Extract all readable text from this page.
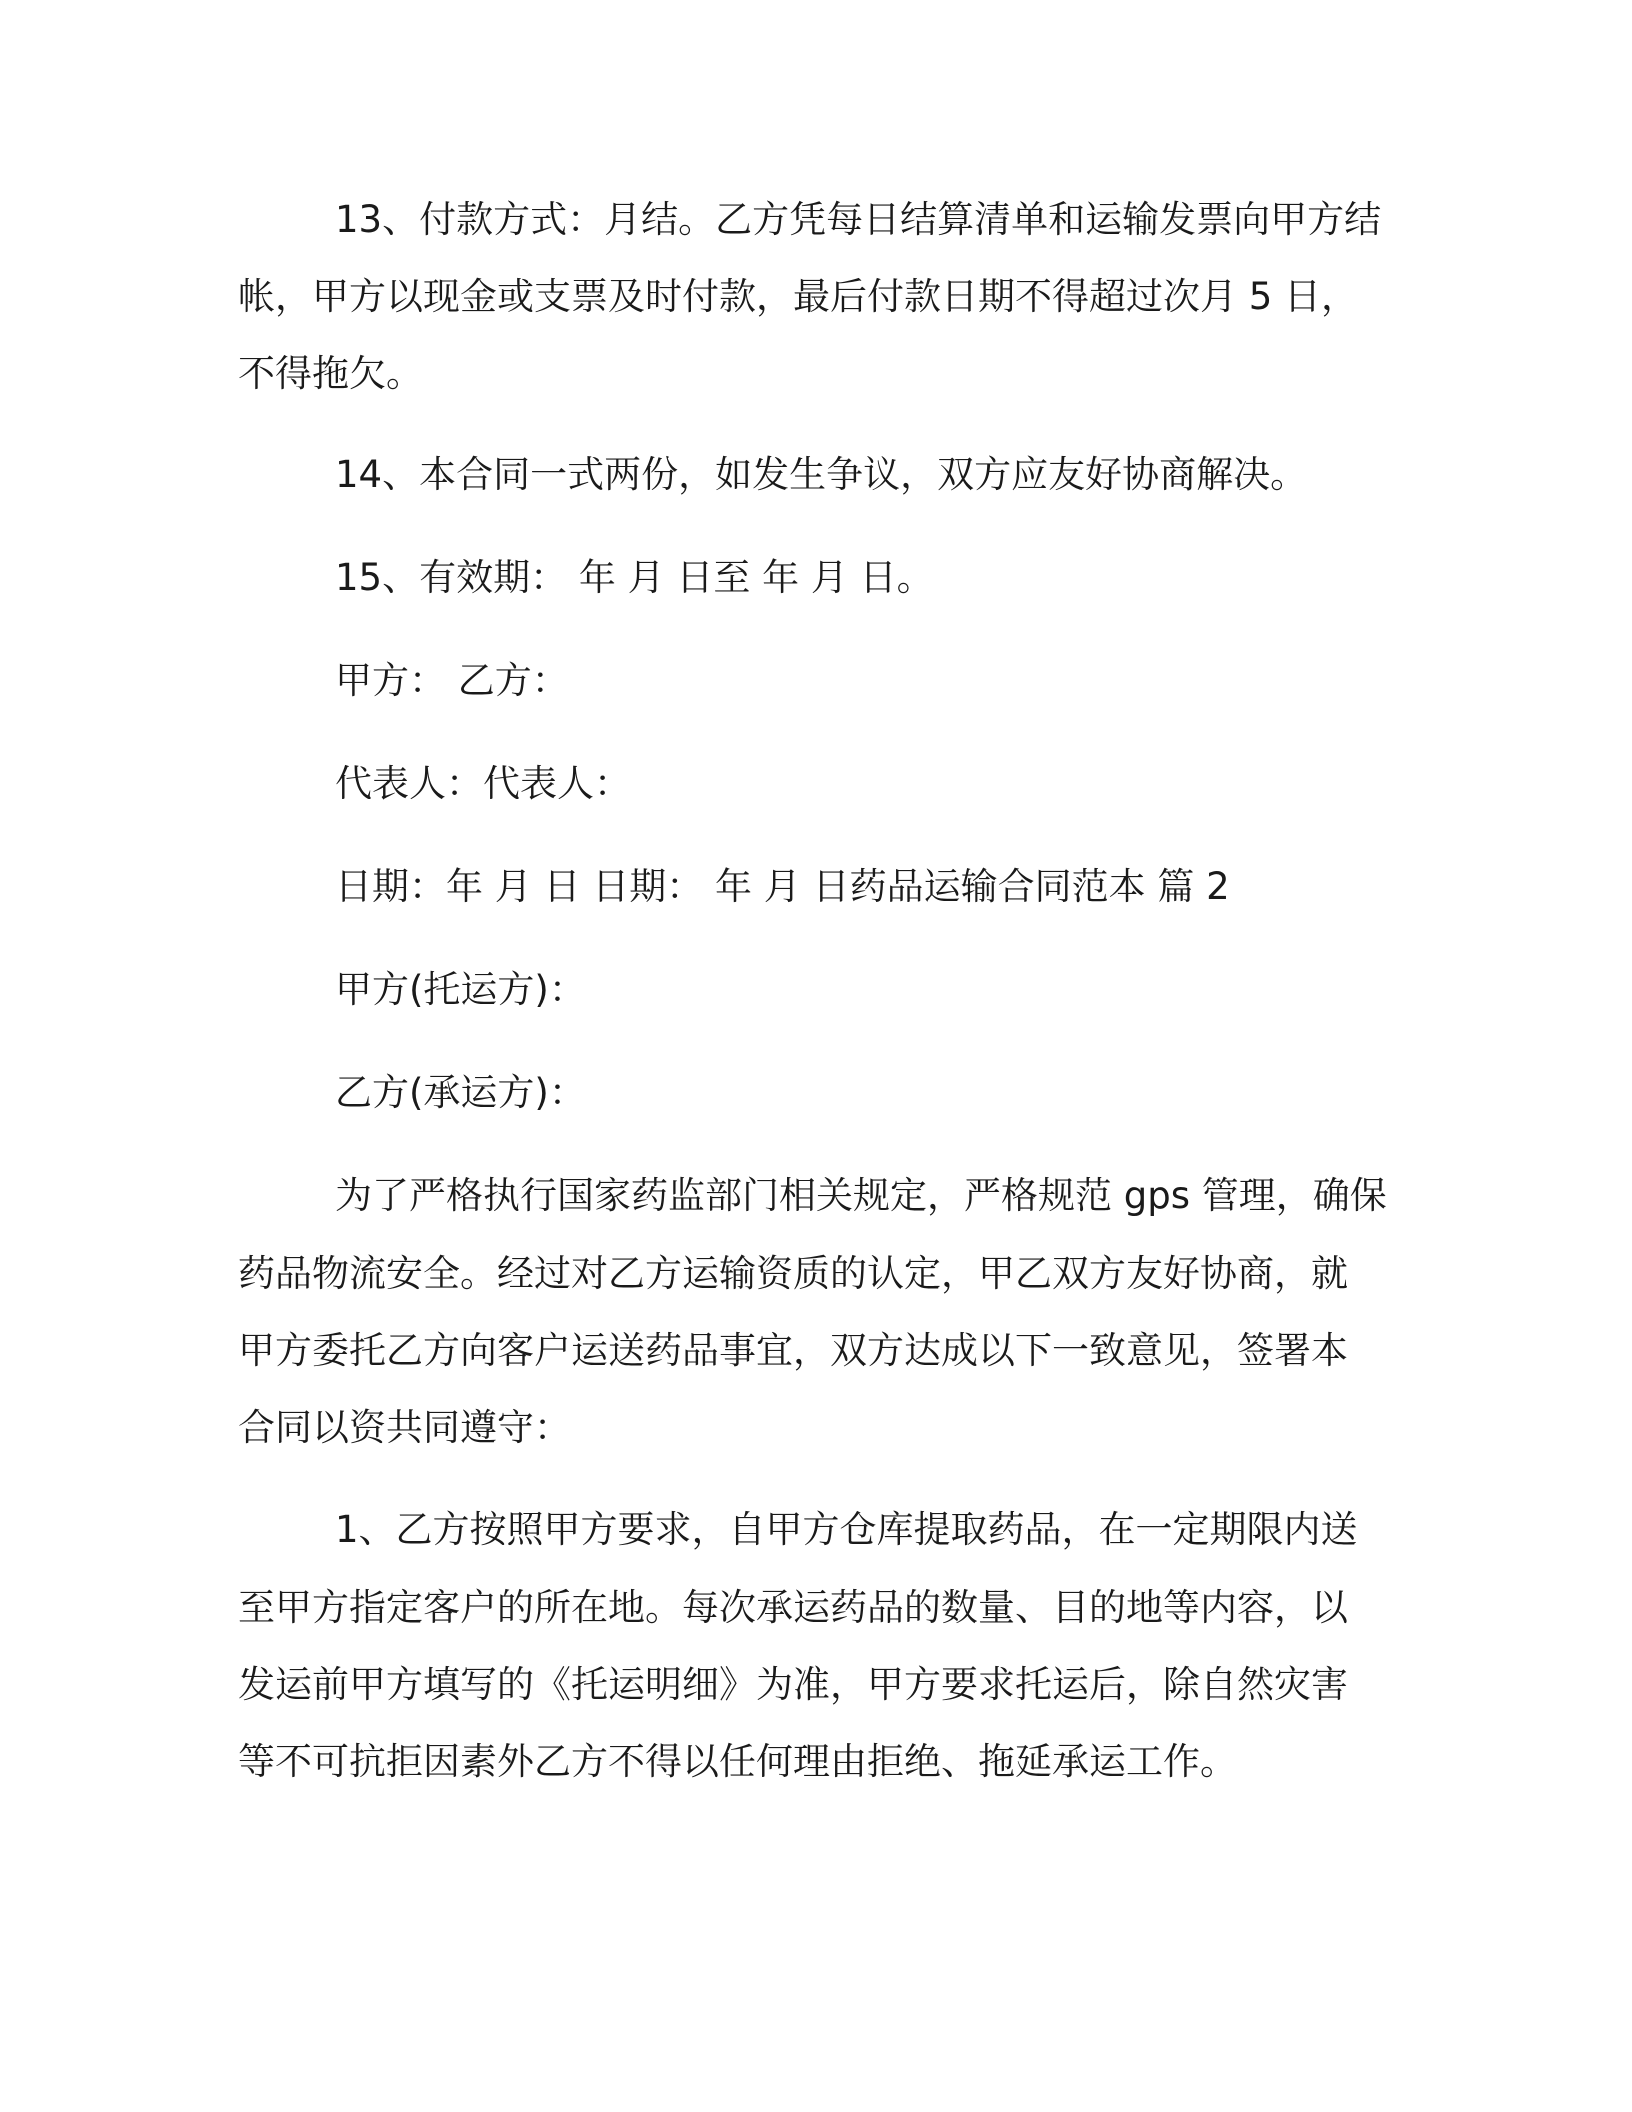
13、付款方式：月结。乙方凭每日结算清单和运输发票向甲方结

帐，甲方以现金或支票及时付款，最后付款日期不得超过次月 5 日，

不得拖欠。

14、本合同一式两份，如发生争议，双方应友好协商解决。

15、有效期： 年 月 日至 年 月 日。

甲方： 乙方：

代表人：代表人：

日期：年 月 日 日期： 年 月 日药品运输合同范本 篇 2

甲方(托运方)：

乙方(承运方)：

为了严格执行国家药监部门相关规定，严格规范 gps 管理，确保

药品物流安全。经过对乙方运输资质的认定，甲乙双方友好协商，就

甲方委托乙方向客户运送药品事宜，双方达成以下一致意见，签署本

合同以资共同遵守：

1、乙方按照甲方要求，自甲方仓库提取药品，在一定期限内送

至甲方指定客户的所在地。每次承运药品的数量、目的地等内容，以

发运前甲方填写的《托运明细》为准，甲方要求托运后，除自然灾害

等不可抗拒因素外乙方不得以任何理由拒绝、拖延承运工作。
